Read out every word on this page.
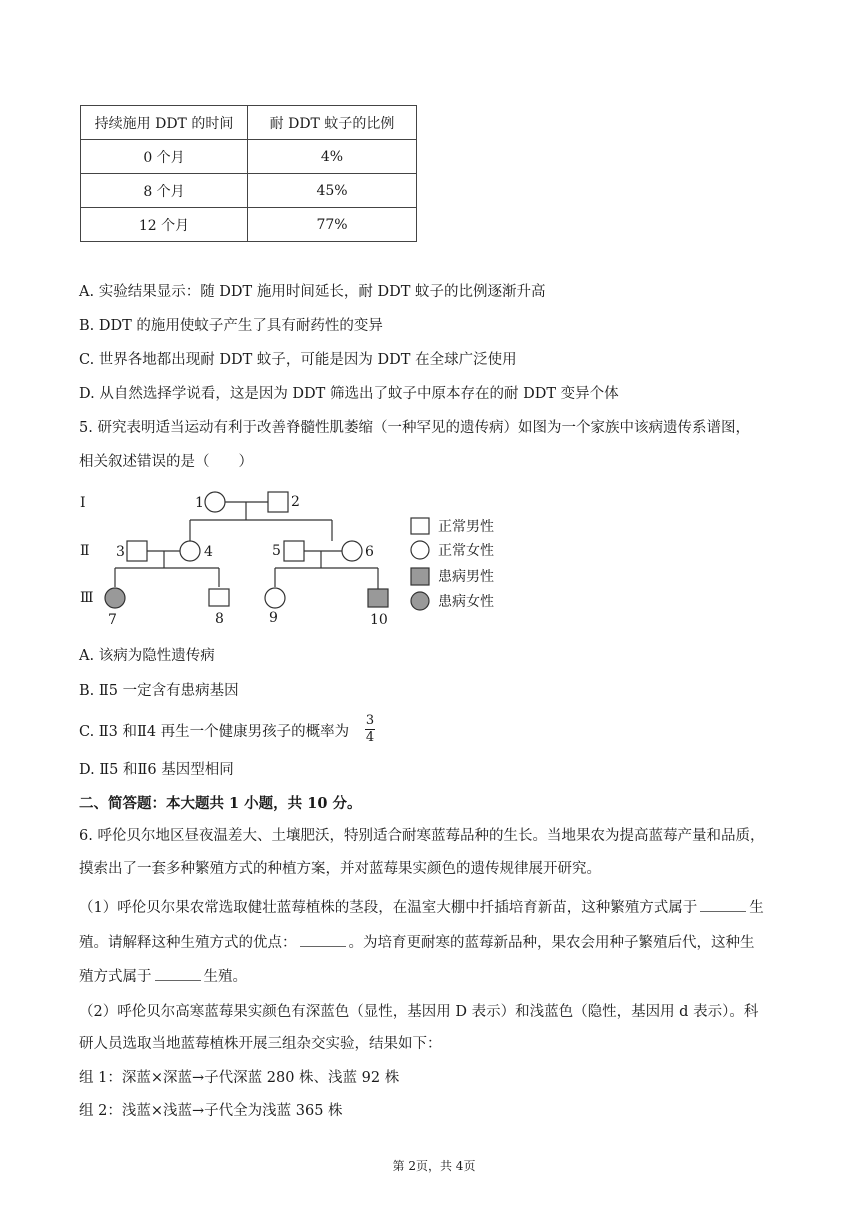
持续施用 DDT 的时间	耐 DDT 蚊子的比例
0 个月	4%
8 个月	45%
12 个月	77%
A. 实验结果显示：随 DDT 施用时间延长，耐 DDT 蚊子的比例逐渐升高
B. DDT 的施用使蚊子产生了具有耐药性的变异
C. 世界各地都出现耐 DDT 蚊子，可能是因为 DDT 在全球广泛使用
D. 从自然选择学说看，这是因为 DDT 筛选出了蚊子中原本存在的耐 DDT 变异个体
5. 研究表明适当运动有利于改善脊髓性肌萎缩（一种罕见的遗传病）如图为一个家族中该病遗传系谱图，
相关叙述错误的是（　　）
Ⅰ
Ⅱ
Ⅲ
1	2
3	4	5	6
7	8	9	10
正常男性
正常女性
患病男性
患病女性
A. 该病为隐性遗传病
B. Ⅱ5 一定含有患病基因
C. Ⅱ3 和Ⅱ4 再生一个健康男孩子的概率为
3
4
D. Ⅱ5 和Ⅱ6 基因型相同
二、简答题：本大题共 1 小题，共 10 分。
6. 呼伦贝尔地区昼夜温差大、土壤肥沃，特别适合耐寒蓝莓品种的生长。当地果农为提高蓝莓产量和品质，
摸索出了一套多种繁殖方式的种植方案，并对蓝莓果实颜色的遗传规律展开研究。
（1）呼伦贝尔果农常选取健壮蓝莓植株的茎段，在温室大棚中扦插培育新苗，这种繁殖方式属于	生
殖。请解释这种生殖方式的优点：	。为培育更耐寒的蓝莓新品种，果农会用种子繁殖后代，这种生
殖方式属于	生殖。
（2）呼伦贝尔高寒蓝莓果实颜色有深蓝色（显性，基因用 D 表示）和浅蓝色（隐性，基因用 d 表示）。科
研人员选取当地蓝莓植株开展三组杂交实验，结果如下：
组 1：深蓝×深蓝→子代深蓝 280 株、浅蓝 92 株
组 2：浅蓝×浅蓝→子代全为浅蓝 365 株
第 2页，共 4页
